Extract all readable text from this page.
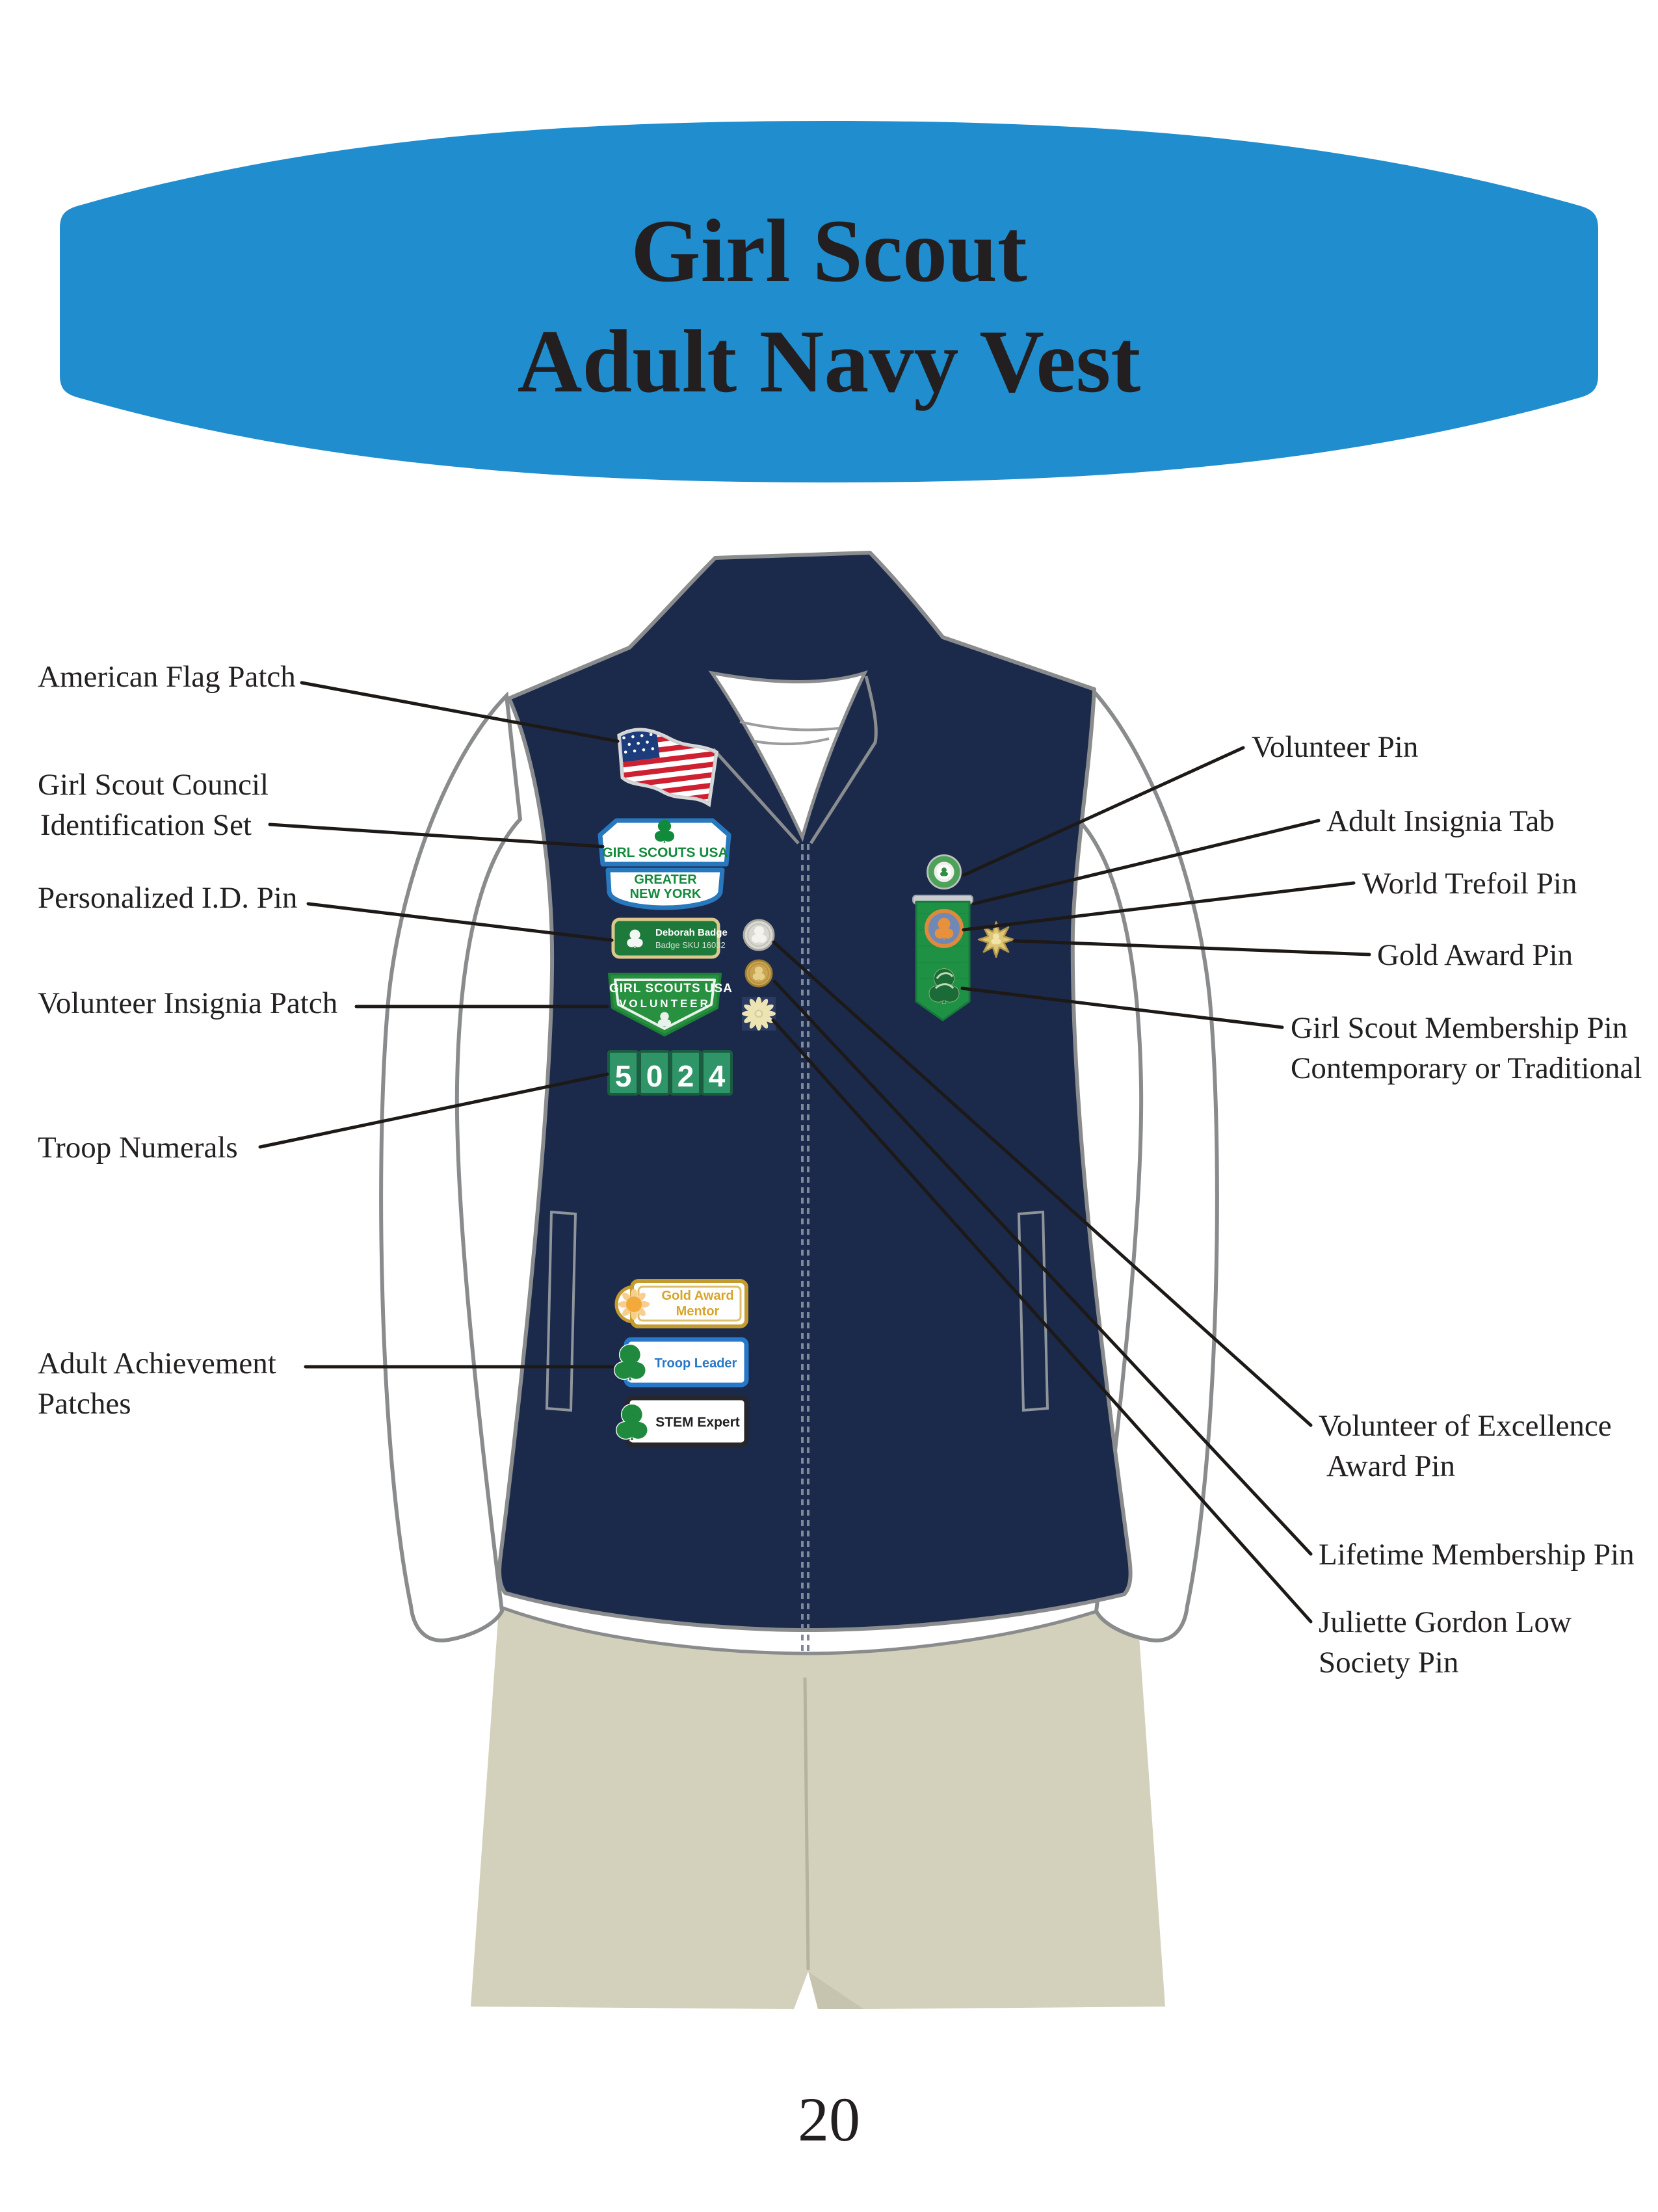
Girl Scout
Adult Navy Vest
American Flag Patch
Girl Scout Council
Identification Set
Personalized I.D. Pin
Volunteer Insignia Patch
Troop Numerals
Adult Achievement
Patches
Volunteer Pin
Adult Insignia Tab
World Trefoil Pin
Gold Award Pin
Girl Scout Membership Pin
Contemporary or Traditional
Volunteer of Excellence
Award Pin
Lifetime Membership Pin
Juliette Gordon Low
Society Pin
GIRL SCOUTS USA
GREATER
NEW YORK
Deborah Badge
Badge SKU 16032
GIRL SCOUTS USA
VOLUNTEER
5 0 2 4
Gold Award
Mentor
Troop Leader
STEM Expert
20
